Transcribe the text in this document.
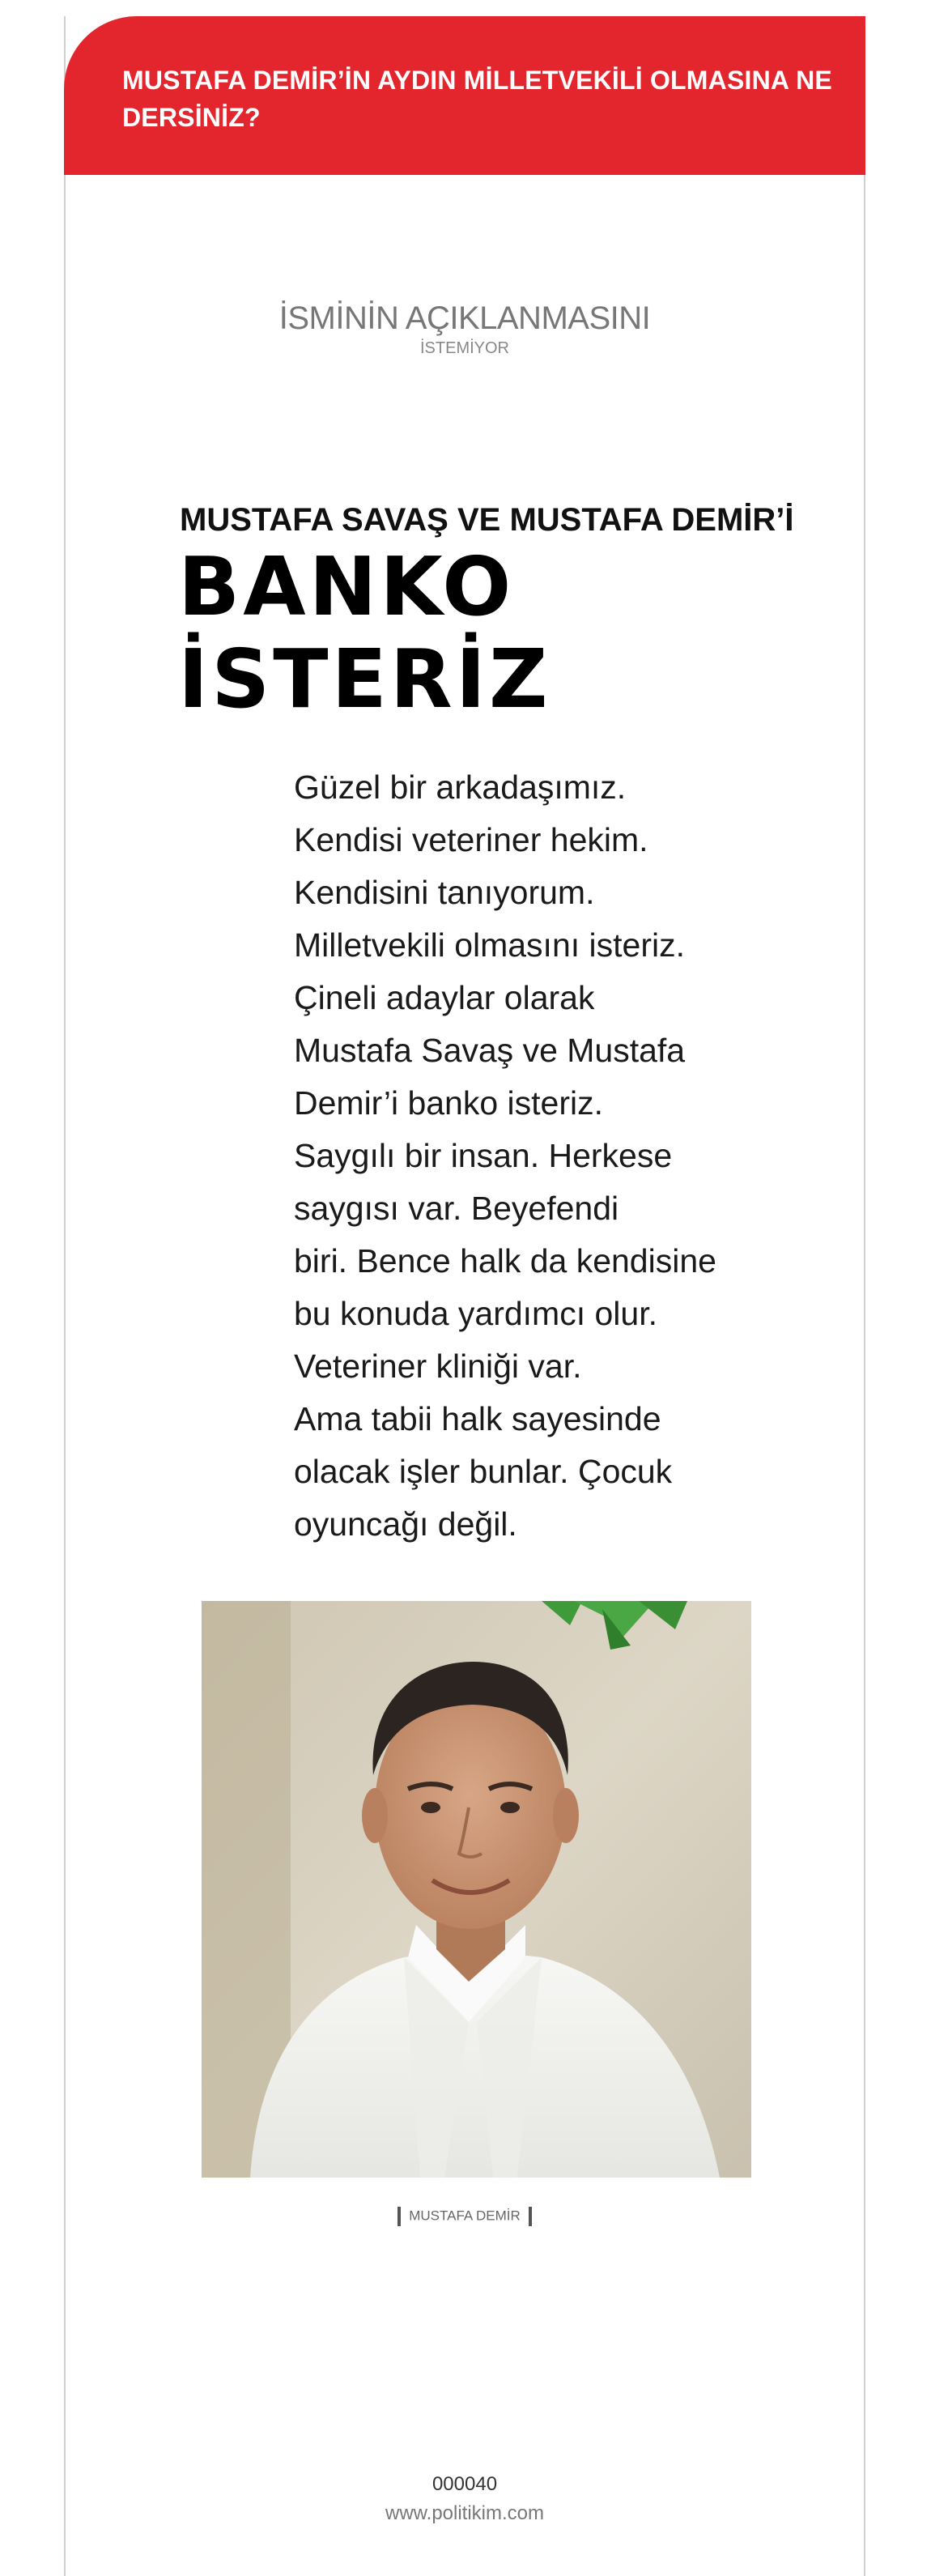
MUSTAFA DEMİR’İN AYDIN MİLLETVEKİLİ OLMASINA NE DERSİNİZ?
İSMİNİN AÇIKLANMASINI
İSTEMİYOR
MUSTAFA SAVAŞ VE MUSTAFA DEMİR’İ
BANKO
İSTERİZ
Güzel bir arkadaşımız.
Kendisi veteriner hekim.
Kendisini tanıyorum.
Milletvekili olmasını isteriz.
Çineli adaylar olarak
Mustafa Savaş ve Mustafa
Demir’i banko isteriz.
Saygılı bir insan. Herkese
saygısı var. Beyefendi
biri. Bence halk da kendisine
bu konuda yardımcı olur.
Veteriner kliniği var.
Ama tabii halk sayesinde
olacak işler bunlar. Çocuk
oyuncağı değil.
MUSTAFA DEMİR
000040
www.politikim.com
